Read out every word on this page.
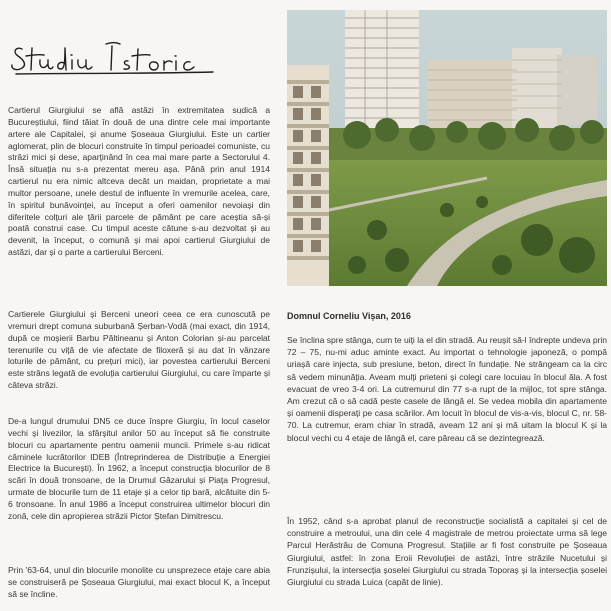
Cartierul Giurgiului se află astăzi în extremitatea sudică a Bucureștiului, fiind tăiat în două de una dintre cele mai importante artere ale Capitalei, și anume Șoseaua Giurgiului. Este un cartier aglomerat, plin de blocuri construite în timpul perioadei comuniste, cu străzi mici și dese, aparținând în cea mai mare parte a Sectorului 4. Însă situația nu s-a prezentat mereu așa. Până prin anul 1914 cartierul nu era nimic altceva decât un maidan, proprietate a mai multor persoane, unele destul de influente în vremurile acelea, care, în spiritul bunăvoinței, au început a oferi oamenilor nevoiași din diferitele colțuri ale țării parcele de pământ pe care aceștia să-și poată construi case. Cu timpul aceste cătune s-au dezvoltat și au devenit, la început, o comună și mai apoi cartierul Giurgiului de astăzi, dar și o parte a cartierului Berceni.

Cartierele Giurgiului și Berceni uneori ceea ce era cunoscută pe vremuri drept comuna suburbană Șerban-Vodă (mai exact, din 1914, după ce moșierii Barbu Păltineanu și Anton Colorian și-au parcelat terenurile cu viță de vie afectate de filoxeră și au dat în vânzare loturile de pământ, cu prețuri mici), iar povestea cartierului Berceni este strâns legată de evoluția cartierului Giurgiului, cu care împarte și câteva străzi.

De-a lungul drumului DN5 ce duce înspre Giurgiu, în locul caselor vechi și livezilor, la sfârșitul anilor 50 au început să fie construite blocuri cu apartamente pentru oamenii muncii. Primele s-au ridicat căminele lucrătorilor IDEB (Întreprinderea de Distribuție a Energiei Electrice la București). În 1962, a început construcția blocurilor de 8 scări în două tronsoane, de la Drumul Găzarului și Piața Progresul, urmate de blocurile turn de 11 etaje și a celor tip bară, alcătuite din 5-6 tronsoane. În anul 1986 a început construirea ultimelor blocuri din zonă, cele din apropierea străzii Pictor Ștefan Dimitrescu.

Prin '63-64, unul din blocurile monolite cu unsprezece etaje care abia se construiseră pe Șoseaua Giurgiului, mai exact blocul K, a început să se încline.

Domnul Corneliu Vișan, 2016

Se înclina spre stânga, cum te uiți la el din stradă. Au reușit să-l îndrepte undeva prin 72 – 75, nu-mi aduc aminte exact. Au importat o tehnologie japoneză, o pompă uriașă care injecta, sub presiune, beton, direct în fundație. Ne strângeam ca la circ să vedem minunăția. Aveam mulți prieteni și colegi care locuiau în blocul ăla. A fost evacuat de vreo 3-4 ori. La cutremurul din 77 s-a rupt de la mijloc, tot spre stânga. Am crezut că o să cadă peste casele de lângă el. Se vedea mobila din apartamente și oamenii disperați pe casa scărilor. Am locuit în blocul de vis-a-vis, blocul C, nr. 58-70. La cutremur, eram chiar în stradă, aveam 12 ani și mă uitam la blocul K și la blocul vechi cu 4 etaje de lângă el, care păreau că se dezintegrează.

În 1952, când s-a aprobat planul de reconstrucție socialistă a capitalei și cel de construire a metroului, una din cele 4 magistrale de metrou proiectate urma să lege Parcul Herăstrău de Comuna Progresul. Stațiile ar fi fost construite pe Șoseaua Giurgiului, astfel: în zona Eroii Revoluției de astăzi, între străzile Nucetului și Frunzișului, la intersecția șoselei Giurgiului cu strada Toporaș și la intersecția șoselei Giurgiului cu strada Luica (capăt de linie).
